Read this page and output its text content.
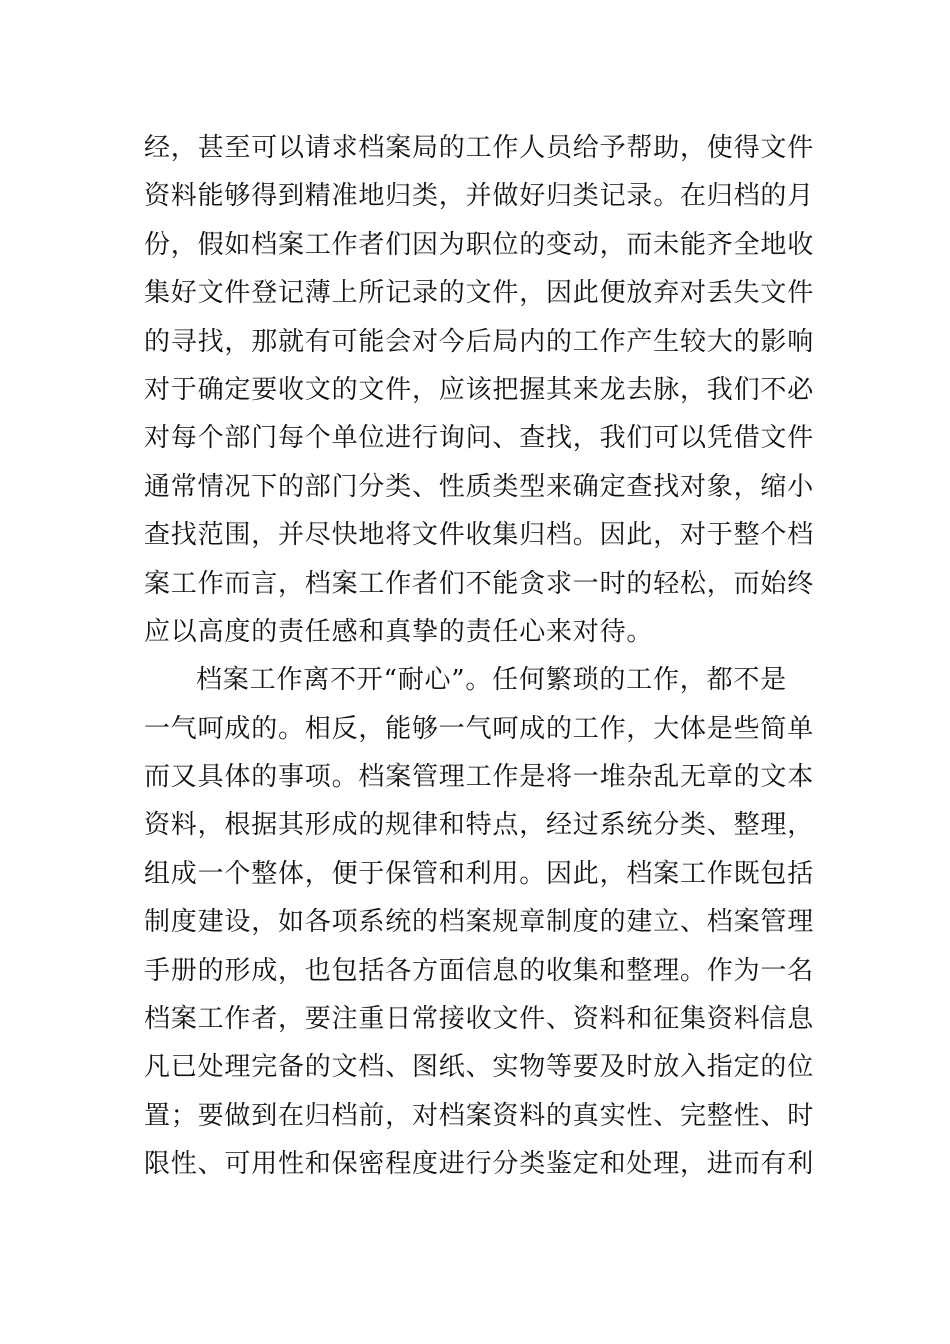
经，甚至可以请求档案局的工作人员给予帮助，使得文件
资料能够得到精准地归类，并做好归类记录。在归档的月
份，假如档案工作者们因为职位的变动，而未能齐全地收
集好文件登记薄上所记录的文件，因此便放弃对丢失文件
的寻找，那就有可能会对今后局内的工作产生较大的影响
对于确定要收文的文件，应该把握其来龙去脉，我们不必
对每个部门每个单位进行询问、查找，我们可以凭借文件
通常情况下的部门分类、性质类型来确定查找对象，缩小
查找范围，并尽快地将文件收集归档。因此，对于整个档
案工作而言，档案工作者们不能贪求一时的轻松，而始终
应以高度的责任感和真挚的责任心来对待。
档案工作离不开“耐心”。任何繁琐的工作，都不是
一气呵成的。相反，能够一气呵成的工作，大体是些简单
而又具体的事项。档案管理工作是将一堆杂乱无章的文本
资料，根据其形成的规律和特点，经过系统分类、整理，
组成一个整体，便于保管和利用。因此，档案工作既包括
制度建设，如各项系统的档案规章制度的建立、档案管理
手册的形成，也包括各方面信息的收集和整理。作为一名
档案工作者，要注重日常接收文件、资料和征集资料信息
凡已处理完备的文档、图纸、实物等要及时放入指定的位
置；要做到在归档前，对档案资料的真实性、完整性、时
限性、可用性和保密程度进行分类鉴定和处理，进而有利
